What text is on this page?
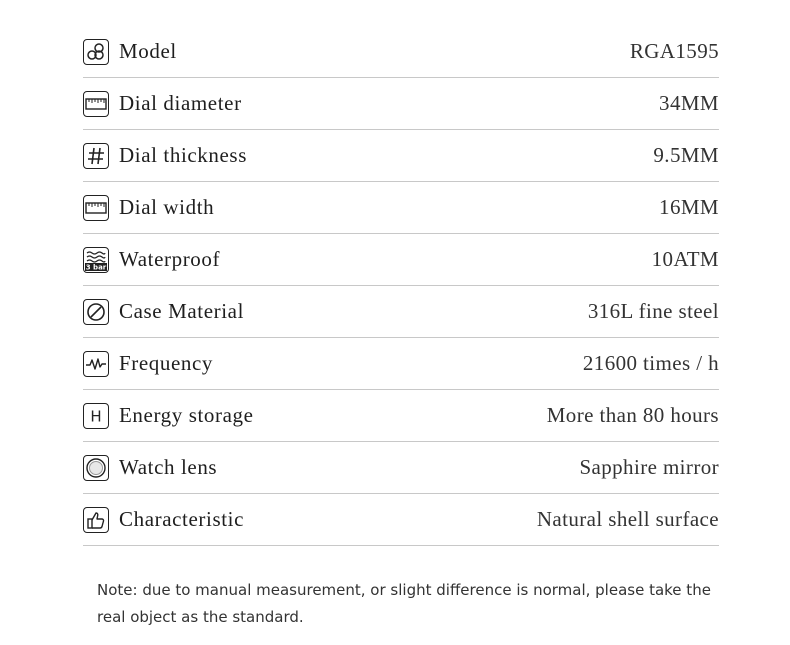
Model	RGA1595
Dial diameter	34MM
Dial thickness	9.5MM
Dial width	16MM
3 bar Waterproof	10ATM
Case Material	316L fine steel
Frequency	21600 times / h
H Energy storage	More than 80 hours
Watch lens	Sapphire mirror
Characteristic	Natural shell surface
Note: due to manual measurement, or slight difference is normal, please take the real object as the standard.
